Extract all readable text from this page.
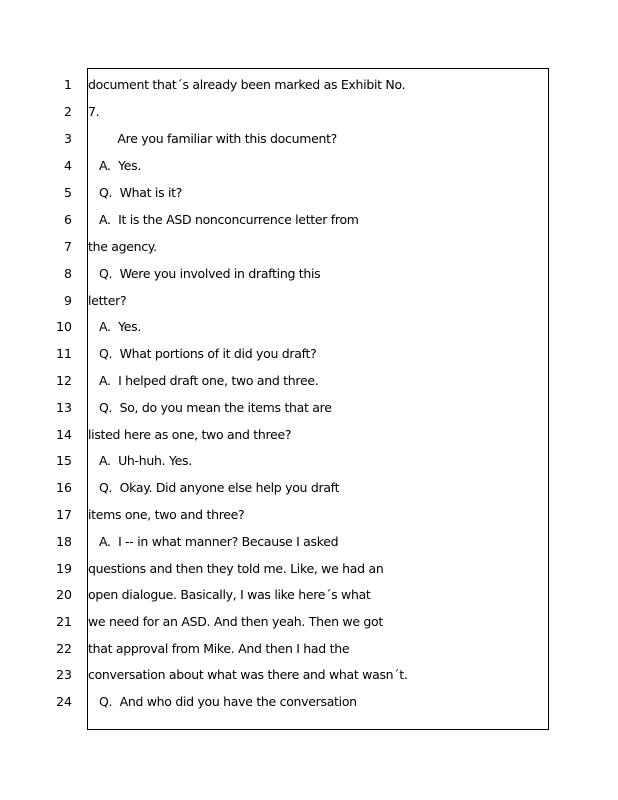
1 document that´s already been marked as Exhibit No.
2 7.
3 Are you familiar with this document?
4 A.  Yes.
5 Q.  What is it?
6 A.  It is the ASD nonconcurrence letter from
7 the agency.
8 Q.  Were you involved in drafting this
9 letter?
10 A.  Yes.
11 Q.  What portions of it did you draft?
12 A.  I helped draft one, two and three.
13 Q.  So, do you mean the items that are
14 listed here as one, two and three?
15 A.  Uh-huh. Yes.
16 Q.  Okay. Did anyone else help you draft
17 items one, two and three?
18 A.  I -- in what manner? Because I asked
19 questions and then they told me. Like, we had an
20 open dialogue. Basically, I was like here´s what
21 we need for an ASD. And then yeah. Then we got
22 that approval from Mike. And then I had the
23 conversation about what was there and what wasn´t.
24 Q.  And who did you have the conversation
